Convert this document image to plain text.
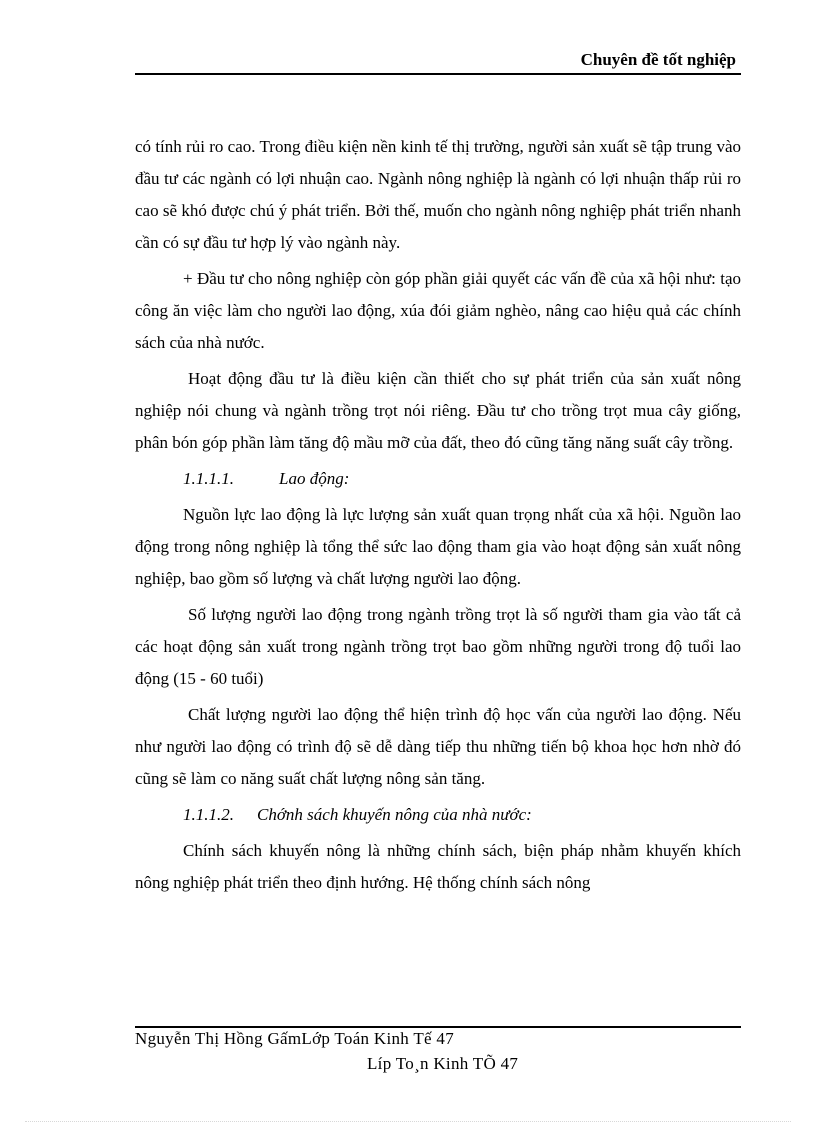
Chuyên đề tốt nghiệp

có tính rủi ro cao. Trong điều kiện nền kinh tế thị trường, người sản xuất sẽ tập trung vào đầu tư các ngành có lợi nhuận cao. Ngành nông nghiệp là ngành có lợi nhuận thấp rủi ro cao sẽ khó được chú ý phát triển. Bởi thế, muốn cho ngành nông nghiệp phát triển nhanh cần có sự đầu tư hợp lý vào ngành này.

+ Đầu tư cho nông nghiệp còn góp phần giải quyết các vấn đề của xã hội như: tạo công ăn việc làm cho người lao động, xúa đói giảm nghèo, nâng cao hiệu quả các chính sách của nhà nước.

Hoạt động đầu tư là điều kiện cần thiết cho sự phát triển của sản xuất nông nghiệp nói chung và ngành trồng trọt nói riêng. Đầu tư cho trồng trọt mua cây giống, phân bón góp phần làm tăng độ mầu mỡ của đất, theo đó cũng tăng năng suất cây trồng.

1.1.1.1.	Lao động:

Nguồn lực lao động là lực lượng sản xuất quan trọng nhất của xã hội. Nguồn lao động trong nông nghiệp là tổng thể sức lao động tham gia vào hoạt động sản xuất nông nghiệp, bao gồm số lượng và chất lượng người lao động.

Số lượng người lao động trong ngành trồng trọt là số người tham gia vào tất cả các hoạt động sản xuất trong ngành trồng trọt bao gồm những người trong độ tuổi lao động (15 - 60 tuổi)

Chất lượng người lao động thể hiện trình độ học vấn của người lao động. Nếu như người lao động có trình độ sẽ dễ dàng tiếp thu những tiến bộ khoa học hơn nhờ đó cũng sẽ làm co năng suất chất lượng nông sản tăng.

1.1.1.2. Chớnh sách khuyến nông của nhà nước:

Chính sách khuyến nông là những chính sách, biện pháp nhằm khuyến khích nông nghiệp phát triển theo định hướng. Hệ thống chính sách nông

Nguyễn Thị Hồng GấmLớp Toán Kinh Tế 47

Líp To¸n Kinh TÕ 47
